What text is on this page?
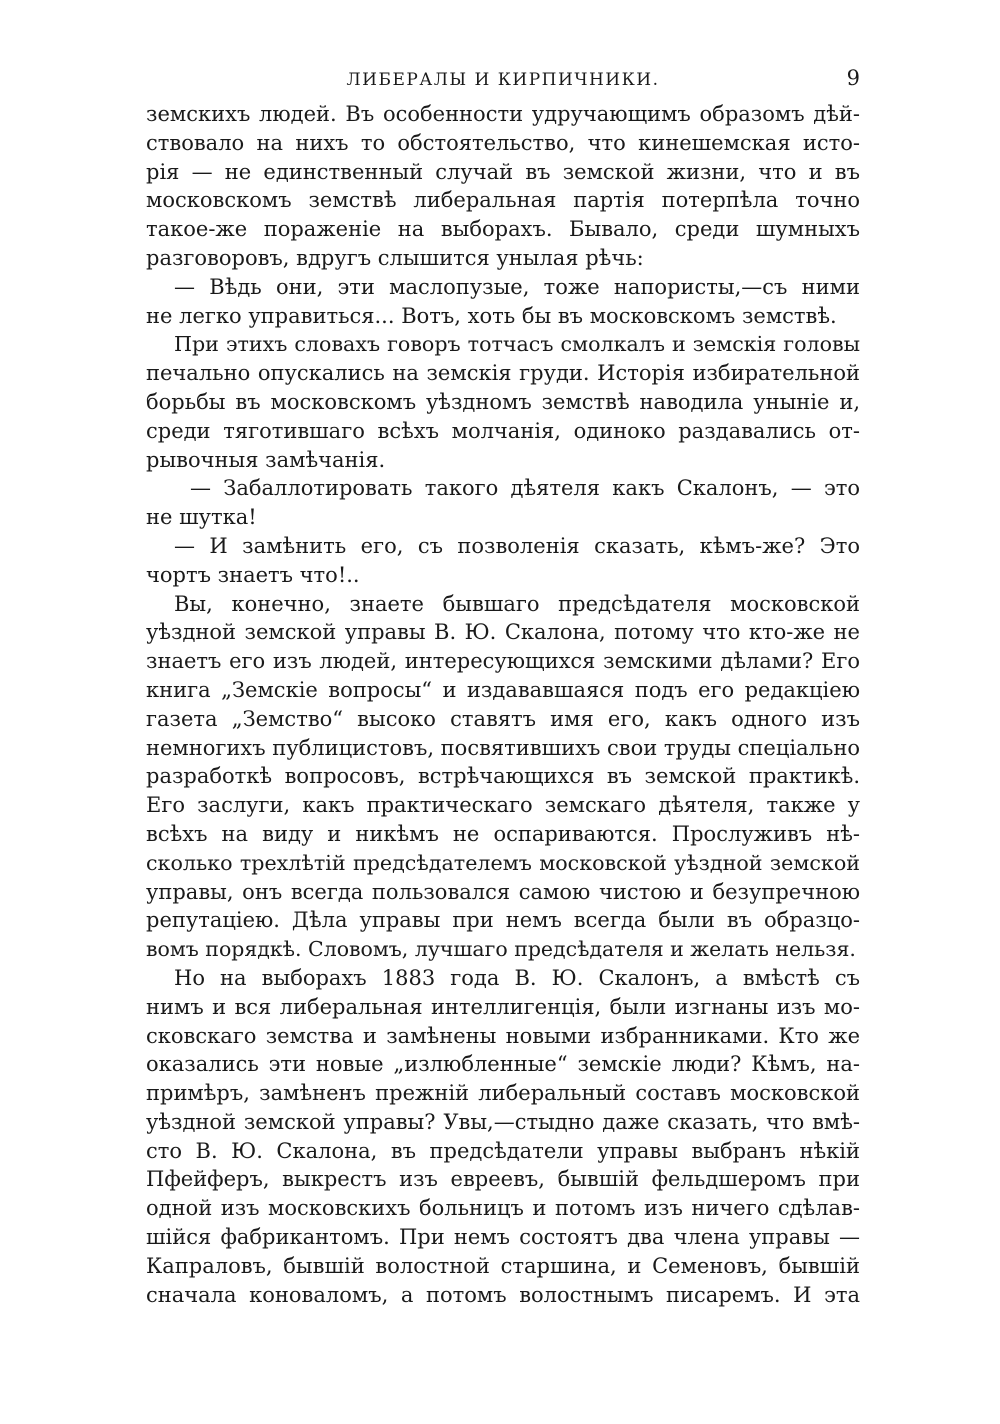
ЛИБЕРАЛЫ И КИРПИЧНИКИ.	9
земскихъ людей. Въ особенности удручающимъ образомъ дѣй-
ствовало на нихъ то обстоятельство, что кинешемская исто-
рія — не единственный случай въ земской жизни, что и въ
московскомъ земствѣ либеральная партія потерпѣла точно
такое-же пораженіе на выборахъ. Бывало, среди шумныхъ
разговоровъ, вдругъ слышится унылая рѣчь:
— Вѣдь они, эти маслопузые, тоже напористы,—съ ними
не легко управиться... Вотъ, хоть бы въ московскомъ земствѣ.
При этихъ словахъ говоръ тотчасъ смолкалъ и земскія головы
печально опускались на земскія груди. Исторія избирательной
борьбы въ московскомъ уѣздномъ земствѣ наводила уныніе и,
среди тяготившаго всѣхъ молчанія, одиноко раздавались от-
рывочныя замѣчанія.
— Забаллотировать такого дѣятеля какъ Скалонъ, — это
не шутка!
— И замѣнить его, съ позволенія сказать, кѣмъ-же? Это
чортъ знаетъ что!..
Вы, конечно, знаете бывшаго предсѣдателя московской
уѣздной земской управы В. Ю. Скалона, потому что кто-же не
знаетъ его изъ людей, интересующихся земскими дѣлами? Его
книга „Земскіе вопросы“ и издававшаяся подъ его редакціею
газета „Земство“ высоко ставятъ имя его, какъ одного изъ
немногихъ публицистовъ, посвятившихъ свои труды спеціально
разработкѣ вопросовъ, встрѣчающихся въ земской практикѣ.
Его заслуги, какъ практическаго земскаго дѣятеля, также у
всѣхъ на виду и никѣмъ не оспариваются. Прослуживъ нѣ-
сколько трехлѣтій предсѣдателемъ московской уѣздной земской
управы, онъ всегда пользовался самою чистою и безупречною
репутаціею. Дѣла управы при немъ всегда были въ образцо-
вомъ порядкѣ. Словомъ, лучшаго предсѣдателя и желать нельзя.
Но на выборахъ 1883 года В. Ю. Скалонъ, а вмѣстѣ съ
нимъ и вся либеральная интеллигенція, были изгнаны изъ мо-
сковскаго земства и замѣнены новыми избранниками. Кто же
оказались эти новые „излюбленные“ земскіе люди? Кѣмъ, на-
примѣръ, замѣненъ прежній либеральный составъ московской
уѣздной земской управы? Увы,—стыдно даже сказать, что вмѣ-
сто В. Ю. Скалона, въ предсѣдатели управы выбранъ нѣкій
Пфейферъ, выкрестъ изъ евреевъ, бывшій фельдшеромъ при
одной изъ московскихъ больницъ и потомъ изъ ничего сдѣлав-
шійся фабрикантомъ. При немъ состоятъ два члена управы —
Капраловъ, бывшій волостной старшина, и Семеновъ, бывшій
сначала коноваломъ, а потомъ волостнымъ писаремъ. И эта
